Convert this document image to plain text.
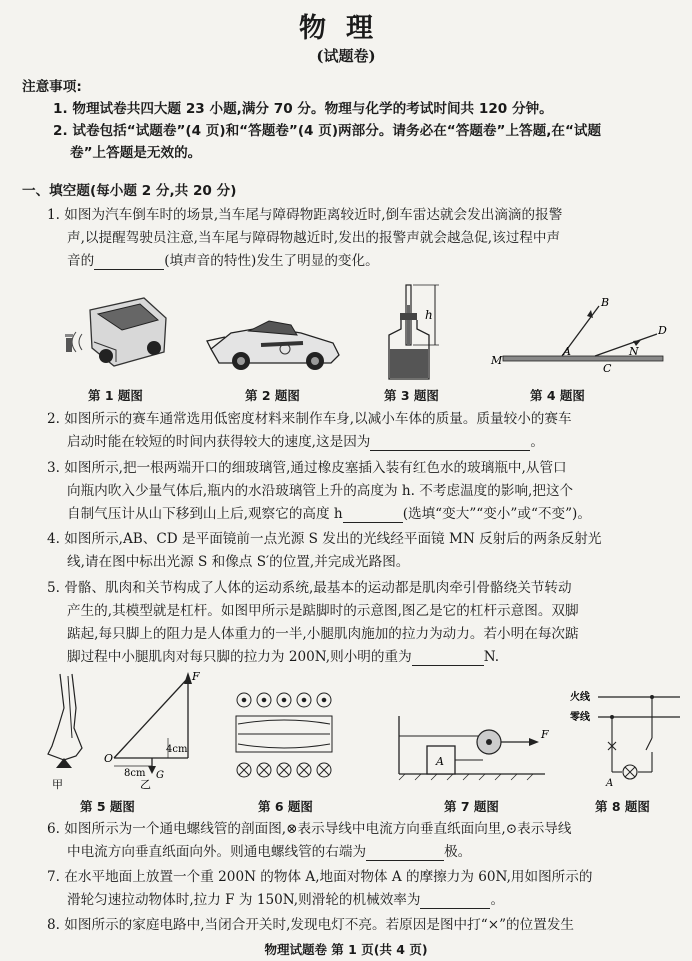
物理
(试题卷)
注意事项:
1. 物理试卷共四大题 23 小题,满分 70 分。物理与化学的考试时间共 120 分钟。
2. 试卷包括“试题卷”(4 页)和“答题卷”(4 页)两部分。请务必在“答题卷”上答题,在“试题
卷”上答题是无效的。
一、填空题(每小题 2 分,共 20 分)
1. 如图为汽车倒车时的场景,当车尾与障碍物距离较近时,倒车雷达就会发出滴滴的报警
声,以提醒驾驶员注意,当车尾与障碍物越近时,发出的报警声就会越急促,该过程中声
音的	(填声音的特性)发生了明显的变化。
h
B
D
M
A
C
N
第 1 题图	第 2 题图	第 3 题图	第 4 题图
2. 如图所示的赛车通常选用低密度材料来制作车身,以减小车体的质量。质量较小的赛车
启动时能在较短的时间内获得较大的速度,这是因为	。
3. 如图所示,把一根两端开口的细玻璃管,通过橡皮塞插入装有红色水的玻璃瓶中,从管口
向瓶内吹入少量气体后,瓶内的水沿玻璃管上升的高度为 h. 不考虑温度的影响,把这个
自制气压计从山下移到山上后,观察它的高度 h	(选填“变大”“变小”或“不变”)。
4. 如图所示,AB、CD 是平面镜前一点光源 S 发出的光线经平面镜 MN 反射后的两条反射光
线,请在图中标出光源 S 和像点 S′的位置,并完成光路图。
5. 骨骼、肌肉和关节构成了人体的运动系统,最基本的运动都是肌肉牵引骨骼绕关节转动
产生的,其模型就是杠杆。如图甲所示是踮脚时的示意图,图乙是它的杠杆示意图。双脚
踮起,每只脚上的阻力是人体重力的一半,小腿肌肉施加的拉力为动力。若小明在每次踮
脚过程中小腿肌肉对每只脚的拉力为 200N,则小明的重为	N.
甲
F
O
G
4cm
8cm
乙
A
F
火线
零线
A
第 5 题图	第 6 题图	第 7 题图	第 8 题图
6. 如图所示为一个通电螺线管的剖面图,⊗表示导线中电流方向垂直纸面向里,⊙表示导线
中电流方向垂直纸面向外。则通电螺线管的右端为	极。
7. 在水平地面上放置一个重 200N 的物体 A,地面对物体 A 的摩擦力为 60N,用如图所示的
滑轮匀速拉动物体时,拉力 F 为 150N,则滑轮的机械效率为	。
8. 如图所示的家庭电路中,当闭合开关时,发现电灯不亮。若原因是图中打“×”的位置发生
物理试题卷 第 1 页(共 4 页)
